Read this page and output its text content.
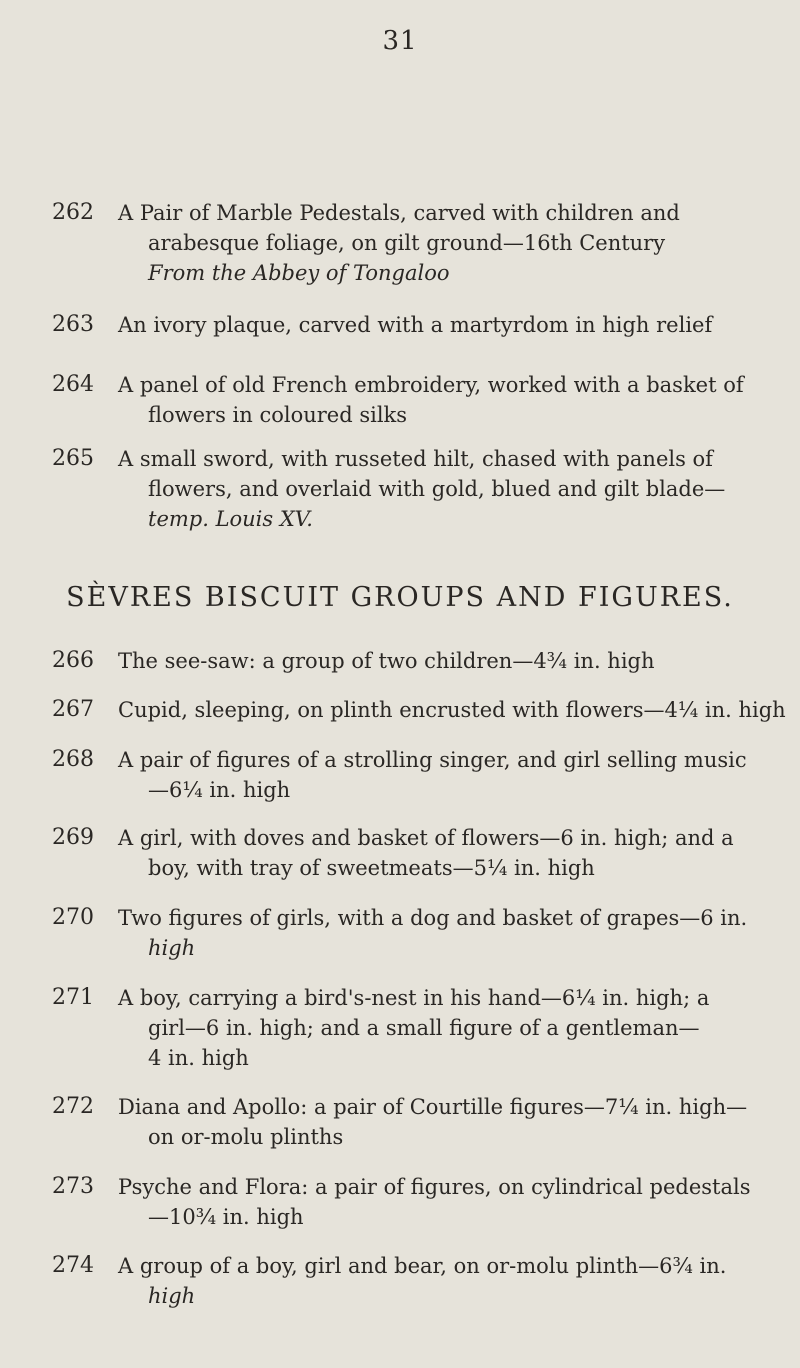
31
262	A Pair of Marble Pedestals, carved with children and
arabesque foliage, on gilt ground—16th Century
From the Abbey of Tongaloo
263	An ivory plaque, carved with a martyrdom in high relief
264	A panel of old French embroidery, worked with a basket of
flowers in coloured silks
265	A small sword, with russeted hilt, chased with panels of
flowers, and overlaid with gold, blued and gilt blade—
temp. Louis XV.
SÈVRES BISCUIT GROUPS AND FIGURES.
266	The see-saw: a group of two children—4¾ in. high
267	Cupid, sleeping, on plinth encrusted with flowers—4¼ in. high
268	A pair of figures of a strolling singer, and girl selling music
—6¼ in. high
269	A girl, with doves and basket of flowers—6 in. high; and a
boy, with tray of sweetmeats—5¼ in. high
270	Two figures of girls, with a dog and basket of grapes—6 in.
high
271	A boy, carrying a bird's-nest in his hand—6¼ in. high; a
girl—6 in. high; and a small figure of a gentleman—
4 in. high
272	Diana and Apollo: a pair of Courtille figures—7¼ in. high—
on or-molu plinths
273	Psyche and Flora: a pair of figures, on cylindrical pedestals
—10¾ in. high
274	A group of a boy, girl and bear, on or-molu plinth—6¾ in.
high
